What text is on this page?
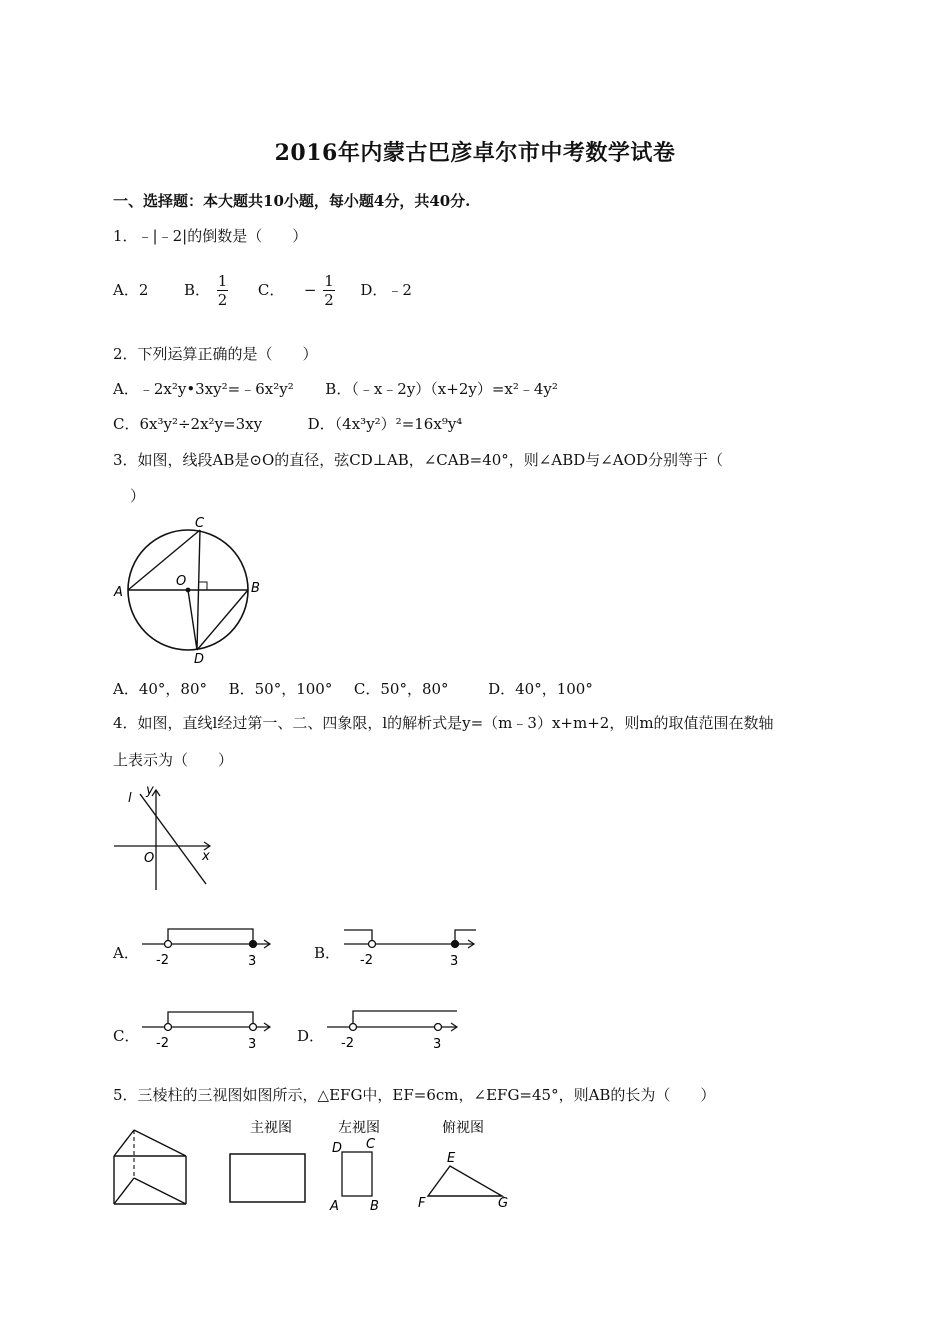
2016年内蒙古巴彦卓尔市中考数学试卷
一、选择题：本大题共10小题，每小题4分，共40分.
1．﹣|﹣2|的倒数是（　　）
A．2 B． $\frac{1}{2}$ C． − $\frac{1}{2}$ D．﹣2
2．下列运算正确的是（　　）
A．﹣2x²y•3xy²=﹣6x²y² B．（﹣x﹣2y）（x+2y）=x²﹣4y²
C．6x³y²÷2x²y=3xy	D．（4x³y²）²=16x⁹y⁴
3．如图，线段AB是⊙O的直径，弦CD⊥AB，∠CAB=40°，则∠ABD与∠AOD分别等于（
）
C
A	B
D
O
A．40°，80° B．50°，100° C．50°，80°	D．40°，100°
4．如图，直线l经过第一、二、四象限，l的解析式是y=（m﹣3）x+m+2，则m的取值范围在数轴
上表示为（　　）
l
y
x
O
A． -2	3	B． -2	3
C． -2	3	D． -2	3
5．三棱柱的三视图如图所示，△EFG中，EF=6cm，∠EFG=45°，则AB的长为（　　）
主视图	左视图
D C
A B
俯视图
E
F	G
